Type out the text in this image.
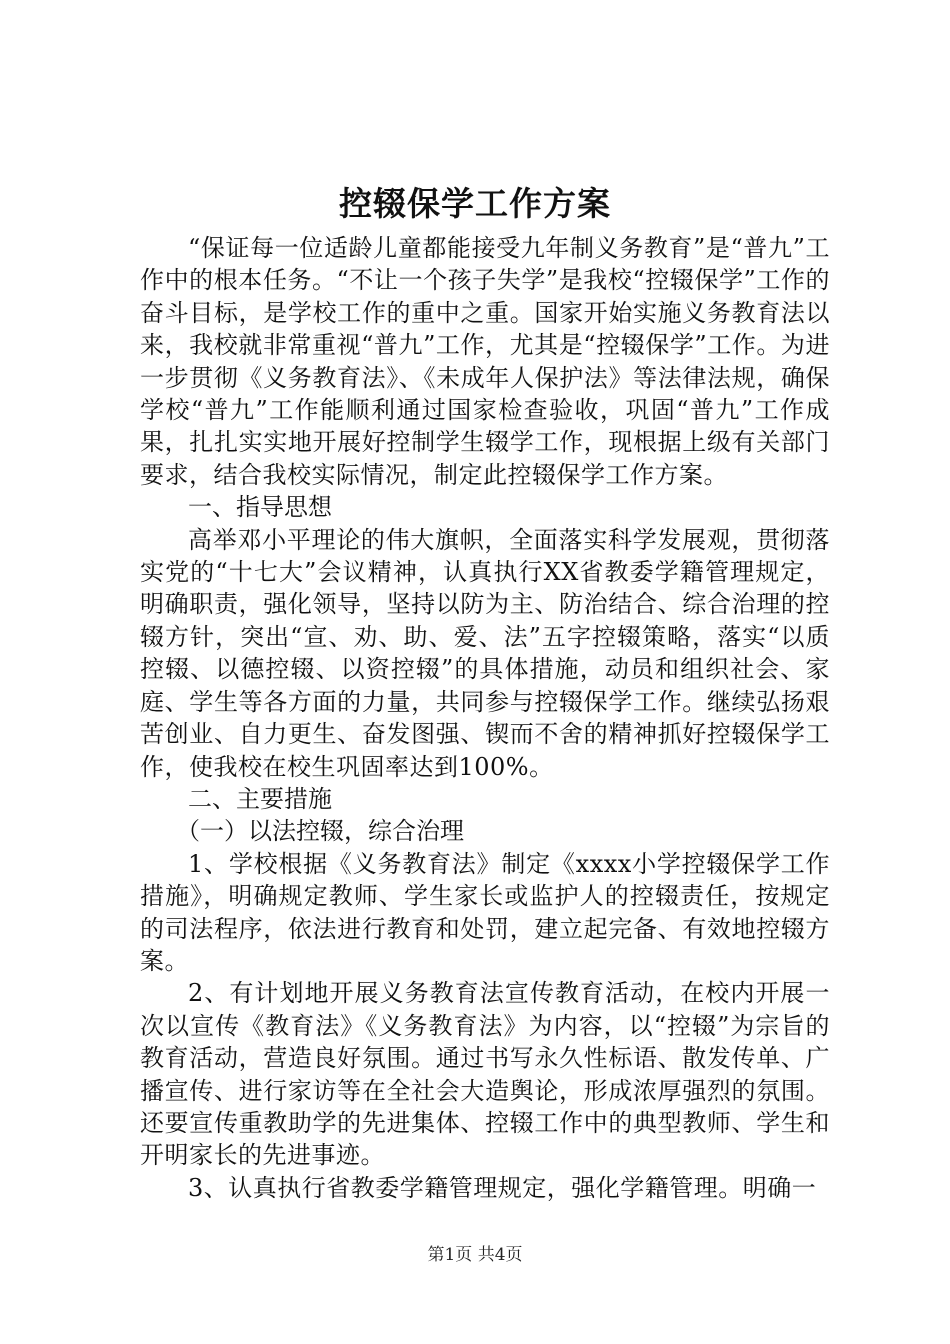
控辍保学工作方案

“保证每一位适龄儿童都能接受九年制义务教育”是“普九”工作中的根本任务。“不让一个孩子失学”是我校“控辍保学”工作的奋斗目标，是学校工作的重中之重。国家开始实施义务教育法以来，我校就非常重视“普九”工作，尤其是“控辍保学”工作。为进一步贯彻《义务教育法》、《未成年人保护法》等法律法规，确保学校“普九”工作能顺利通过国家检查验收，巩固“普九”工作成果，扎扎实实地开展好控制学生辍学工作，现根据上级有关部门要求，结合我校实际情况，制定此控辍保学工作方案。

一、指导思想

高举邓小平理论的伟大旗帜，全面落实科学发展观，贯彻落实党的“十七大”会议精神，认真执行XX省教委学籍管理规定，明确职责，强化领导，坚持以防为主、防治结合、综合治理的控辍方针，突出“宣、劝、助、爱、法”五字控辍策略，落实“以质控辍、以德控辍、以资控辍”的具体措施，动员和组织社会、家庭、学生等各方面的力量，共同参与控辍保学工作。继续弘扬艰苦创业、自力更生、奋发图强、锲而不舍的精神抓好控辍保学工作，使我校在校生巩固率达到100%。

二、主要措施

（一）以法控辍，综合治理

1、学校根据《义务教育法》制定《xxxx小学控辍保学工作措施》，明确规定教师、学生家长或监护人的控辍责任，按规定的司法程序，依法进行教育和处罚，建立起完备、有效地控辍方案。

2、有计划地开展义务教育法宣传教育活动，在校内开展一次以宣传《教育法》《义务教育法》为内容，以“控辍”为宗旨的教育活动，营造良好氛围。通过书写永久性标语、散发传单、广播宣传、进行家访等在全社会大造舆论，形成浓厚强烈的氛围。还要宣传重教助学的先进集体、控辍工作中的典型教师、学生和开明家长的先进事迹。

3、认真执行省教委学籍管理规定，强化学籍管理。明确一

第1页 共4页
